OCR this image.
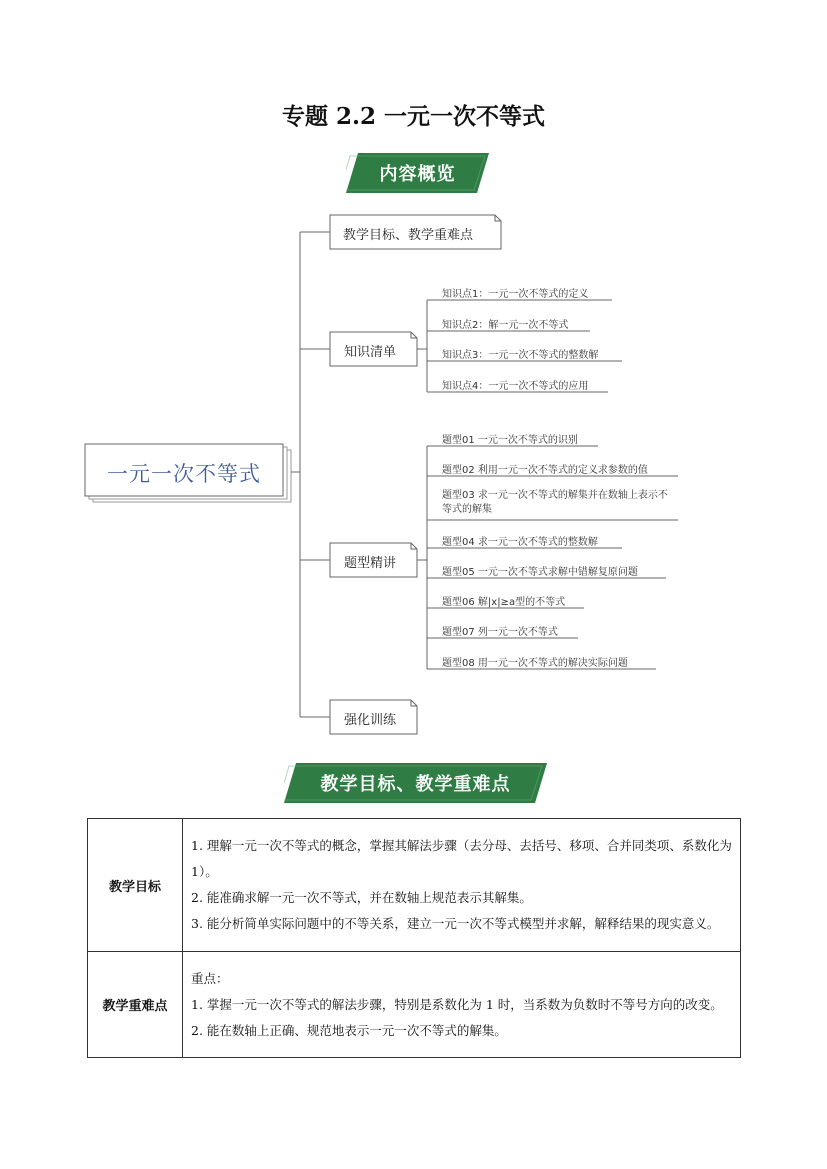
专题 2.2 一元一次不等式
内容概览
一元一次不等式
教学目标、教学重难点
知识清单
题型精讲
强化训练
知识点1：一元一次不等式的定义
知识点2：解一元一次不等式
知识点3：一元一次不等式的整数解
知识点4：一元一次不等式的应用
题型01 一元一次不等式的识别
题型02 利用一元一次不等式的定义求参数的值
题型03 求一元一次不等式的解集并在数轴上表示不等式的解集
题型04 求一元一次不等式的整数解
题型05 一元一次不等式求解中错解复原问题
题型06 解|x|≥a型的不等式
题型07 列一元一次不等式
题型08 用一元一次不等式的解决实际问题
教学目标、教学重难点
教学目标	1. 理解一元一次不等式的概念，掌握其解法步骤（去分母、去括号、移项、合并同类项、系数化为 1）。

2. 能准确求解一元一次不等式，并在数轴上规范表示其解集。

3. 能分析简单实际问题中的不等关系，建立一元一次不等式模型并求解，解释结果的现实意义。

教学重难点	重点：

1. 掌握一元一次不等式的解法步骤，特别是系数化为 1 时，当系数为负数时不等号方向的改变。

2. 能在数轴上正确、规范地表示一元一次不等式的解集。
